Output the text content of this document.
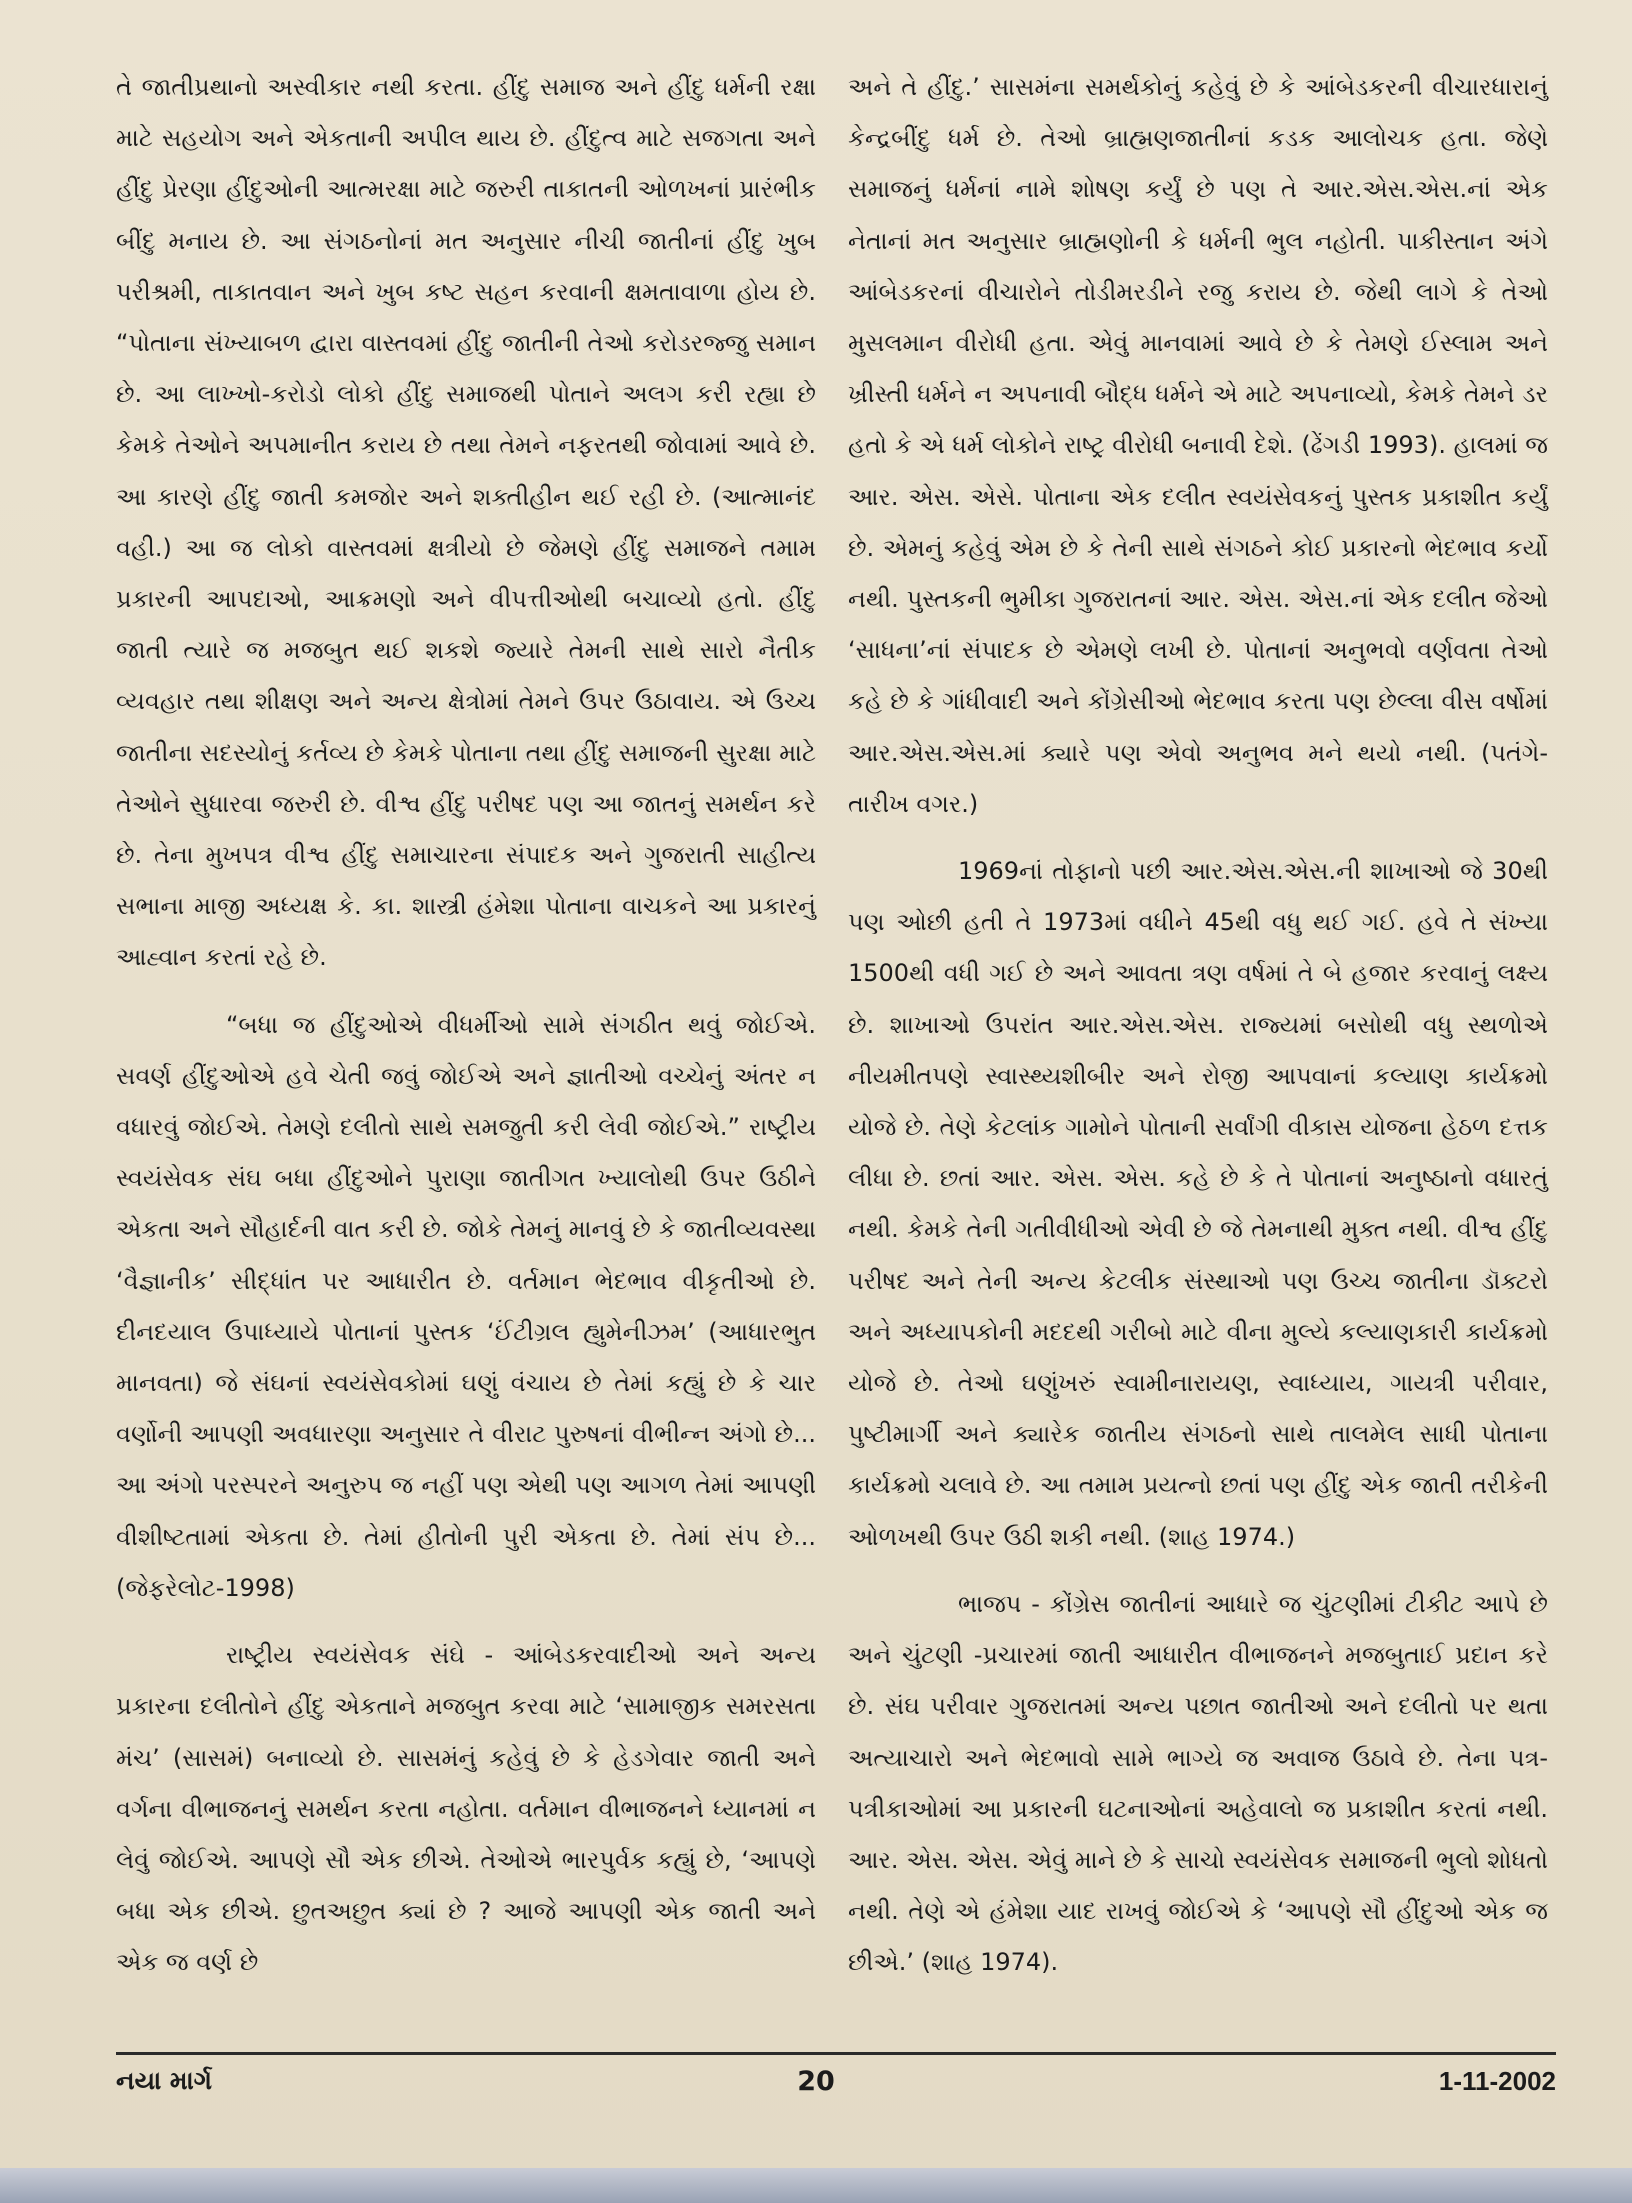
તે જાતીપ્રથાનો અસ્વીકાર નથી કરતા. હીંદુ સમાજ અને હીંદુ ધર્મની રક્ષા માટે સહયોગ અને એકતાની અપીલ થાય છે. હીંદુત્વ માટે સજગતા અને હીંદુ પ્રેરણા હીંદુઓની આત્મરક્ષા માટે જરુરી તાકાતની ઓળખનાં પ્રારંભીક બીંદુ મનાય છે. આ સંગઠનોનાં મત અનુસાર નીચી જાતીનાં હીંદુ ખુબ પરીશ્રમી, તાકાતવાન અને ખુબ કષ્ટ સહન કરવાની ક્ષમતાવાળા હોય છે. “પોતાના સંખ્યાબળ દ્વારા વાસ્તવમાં હીંદુ જાતીની તેઓ કરોડરજ્જુ સમાન છે. આ લાખ્ખો-કરોડો લોકો હીંદુ સમાજથી પોતાને અલગ કરી રહ્યા છે કેમકે તેઓને અપમાનીત કરાય છે તથા તેમને નફરતથી જોવામાં આવે છે. આ કારણે હીંદુ જાતી કમજોર અને શક્તીહીન થઈ રહી છે. (આત્માનંદ વહી.) આ જ લોકો વાસ્તવમાં ક્ષત્રીયો છે જેમણે હીંદુ સમાજને તમામ પ્રકારની આપદાઓ, આક્રમણો અને વીપત્તીઓથી બચાવ્યો હતો. હીંદુ જાતી ત્યારે જ મજબુત થઈ શકશે જ્યારે તેમની સાથે સારો નૈતીક વ્યવહાર તથા શીક્ષણ અને અન્ય ક્ષેત્રોમાં તેમને ઉપર ઉઠાવાય. એ ઉચ્ચ જાતીના સદસ્યોનું કર્તવ્ય છે કેમકે પોતાના તથા હીંદુ સમાજની સુરક્ષા માટે તેઓને સુધારવા જરુરી છે. વીશ્વ હીંદુ પરીષદ પણ આ જાતનું સમર્થન કરે છે. તેના મુખપત્ર વીશ્વ હીંદુ સમાચારના સંપાદક અને ગુજરાતી સાહીત્ય સભાના માજી અધ્યક્ષ કે. કા. શાસ્ત્રી હંમેશા પોતાના વાચકને આ પ્રકારનું આહ્વાન કરતાં રહે છે.

“બધા જ હીંદુઓએ વીધર્મીઓ સામે સંગઠીત થવું જોઈએ. સવર્ણ હીંદુઓએ હવે ચેતી જવું જોઈએ અને જ્ઞાતીઓ વચ્ચેનું અંતર ન વધારવું જોઈએ. તેમણે દલીતો સાથે સમજુતી કરી લેવી જોઈએ.” રાષ્ટ્રીય સ્વયંસેવક સંઘ બધા હીંદુઓને પુરાણા જાતીગત ખ્યાલોથી ઉપર ઉઠીને એકતા અને સૌહાર્દની વાત કરી છે. જોકે તેમનું માનવું છે કે જાતીવ્યવસ્થા ‘વૈજ્ઞાનીક’ સીદ્ધાંત પર આધારીત છે. વર્તમાન ભેદભાવ વીકૃતીઓ છે. દીનદયાલ ઉપાધ્યાયે પોતાનાં પુસ્તક ‘ઈંટીગ્રલ હ્યુમેનીઝમ’ (આધારભુત માનવતા) જે સંઘનાં સ્વયંસેવકોમાં ઘણું વંચાય છે તેમાં કહ્યું છે કે ચાર વર્ણોની આપણી અવધારણા અનુસાર તે વીરાટ પુરુષનાં વીભીન્ન અંગો છે... આ અંગો પરસ્પરને અનુરુપ જ નહીં પણ એથી પણ આગળ તેમાં આપણી વીશીષ્ટતામાં એકતા છે. તેમાં હીતોની પુરી એકતા છે. તેમાં સંપ છે... (જેફરેલોટ-1998)

રાષ્ટ્રીય સ્વયંસેવક સંઘે - આંબેડકરવાદીઓ અને અન્ય પ્રકારના દલીતોને હીંદુ એકતાને મજબુત કરવા માટે ‘સામાજીક સમરસતા મંચ’ (સાસમં) બનાવ્યો છે. સાસમંનું કહેવું છે કે હેડગેવાર જાતી અને વર્ગના વીભાજનનું સમર્થન કરતા નહોતા. વર્તમાન વીભાજનને ધ્યાનમાં ન લેવું જોઈએ. આપણે સૌ એક છીએ. તેઓએ ભારપુર્વક કહ્યું છે, ‘આપણે બધા એક છીએ. છુતઅછુત ક્યાં છે ? આજે આપણી એક જાતી અને એક જ વર્ણ છે

અને તે હીંદુ.’ સાસમંના સમર્થકોનું કહેવું છે કે આંબેડકરની વીચારધારાનું કેન્દ્રબીંદુ ધર્મ છે. તેઓ બ્રાહ્મણજાતીનાં કડક આલોચક હતા. જેણે સમાજનું ધર્મનાં નામે શોષણ કર્યું છે પણ તે આર.એસ.એસ.નાં એક નેતાનાં મત અનુસાર બ્રાહ્મણોની કે ધર્મની ભુલ નહોતી. પાકીસ્તાન અંગે આંબેડકરનાં વીચારોને તોડીમરડીને રજુ કરાય છે. જેથી લાગે કે તેઓ મુસલમાન વીરોધી હતા. એવું માનવામાં આવે છે કે તેમણે ઈસ્લામ અને ખ્રીસ્તી ધર્મને ન અપનાવી બૌદ્ધ ધર્મને એ માટે અપનાવ્યો, કેમકે તેમને ડર હતો કે એ ધર્મ લોકોને રાષ્ટ્ર વીરોધી બનાવી દેશે. (ઢેંગડી 1993). હાલમાં જ આર. એસ. એસે. પોતાના એક દલીત સ્વયંસેવકનું પુસ્તક પ્રકાશીત કર્યું છે. એમનું કહેવું એમ છે કે તેની સાથે સંગઠને કોઈ પ્રકારનો ભેદભાવ કર્યો નથી. પુસ્તકની ભુમીકા ગુજરાતનાં આર. એસ. એસ.નાં એક દલીત જેઓ ‘સાધના’નાં સંપાદક છે એમણે લખી છે. પોતાનાં અનુભવો વર્ણવતા તેઓ કહે છે કે ગાંધીવાદી અને કોંગ્રેસીઓ ભેદભાવ કરતા પણ છેલ્લા વીસ વર્ષોમાં આર.એસ.એસ.માં ક્યારે પણ એવો અનુભવ મને થયો નથી. (પતંગે-તારીખ વગર.)

1969નાં તોફાનો પછી આર.એસ.એસ.ની શાખાઓ જે 30થી પણ ઓછી હતી તે 1973માં વધીને 45થી વધુ થઈ ગઈ. હવે તે સંખ્યા 1500થી વધી ગઈ છે અને આવતા ત્રણ વર્ષમાં તે બે હજાર કરવાનું લક્ષ્ય છે. શાખાઓ ઉપરાંત આર.એસ.એસ. રાજ્યમાં બસોથી વધુ સ્થળોએ નીયમીતપણે સ્વાસ્થ્યશીબીર અને રોજી આપવાનાં કલ્યાણ કાર્યક્રમો યોજે છે. તેણે કેટલાંક ગામોને પોતાની સર્વાંગી વીકાસ યોજના હેઠળ દત્તક લીધા છે. છતાં આર. એસ. એસ. કહે છે કે તે પોતાનાં અનુષ્ઠાનો વધારતું નથી. કેમકે તેની ગતીવીધીઓ એવી છે જે તેમનાથી મુક્ત નથી. વીશ્વ હીંદુ પરીષદ અને તેની અન્ય કેટલીક સંસ્થાઓ પણ ઉચ્ચ જાતીના ડૉક્ટરો અને અધ્યાપકોની મદદથી ગરીબો માટે વીના મુલ્યે કલ્યાણકારી કાર્યક્રમો યોજે છે. તેઓ ઘણુંખરું સ્વામીનારાયણ, સ્વાધ્યાય, ગાયત્રી પરીવાર, પુષ્ટીમાર્ગી અને ક્યારેક જાતીય સંગઠનો સાથે તાલમેલ સાધી પોતાના કાર્યક્રમો ચલાવે છે. આ તમામ પ્રયત્નો છતાં પણ હીંદુ એક જાતી તરીકેની ઓળખથી ઉપર ઉઠી શકી નથી. (શાહ 1974.)

ભાજપ - કોંગ્રેસ જાતીનાં આધારે જ ચુંટણીમાં ટીકીટ આપે છે અને ચુંટણી -પ્રચારમાં જાતી આધારીત વીભાજનને મજબુતાઈ પ્રદાન કરે છે. સંઘ પરીવાર ગુજરાતમાં અન્ય પછાત જાતીઓ અને દલીતો પર થતા અત્યાચારો અને ભેદભાવો સામે ભાગ્યે જ અવાજ ઉઠાવે છે. તેના પત્ર-પત્રીકાઓમાં આ પ્રકારની ઘટનાઓનાં અહેવાલો જ પ્રકાશીત કરતાં નથી. આર. એસ. એસ. એવું માને છે કે સાચો સ્વયંસેવક સમાજની ભુલો શોધતો નથી. તેણે એ હંમેશા યાદ રાખવું જોઈએ કે ‘આપણે સૌ હીંદુઓ એક જ છીએ.’ (શાહ 1974).

નયા માર્ગ	20	1-11-2002
